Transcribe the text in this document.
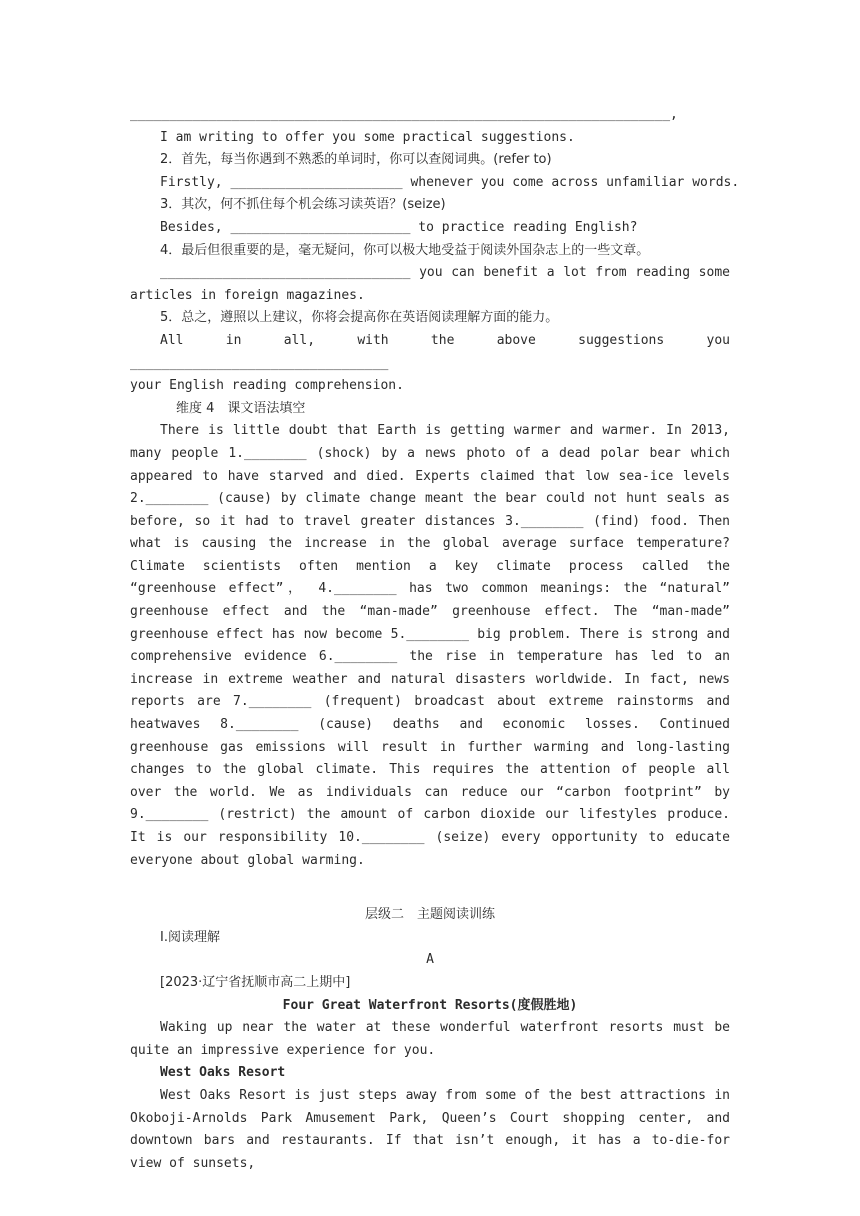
_____________________________________________________________________,

I am writing to offer you some practical suggestions.

2．首先，每当你遇到不熟悉的单词时，你可以查阅词典。(refer to)

Firstly, ______________________ whenever you come across unfamiliar words.

3．其次，何不抓住每个机会练习读英语？(seize)

Besides, _______________________ to practice reading English?

4．最后但很重要的是，毫无疑问，你可以极大地受益于阅读外国杂志上的一些文章。

________________________________ you can benefit a lot from reading some

articles in foreign magazines.

5．总之，遵照以上建议，你将会提高你在英语阅读理解方面的能力。

All in all, with the above suggestions you _________________________________

your English reading comprehension.

维度 4　课文语法填空

There is little doubt that Earth is getting warmer and warmer. In 2013, many people 1.________ (shock) by a news photo of a dead polar bear which appeared to have starved and died. Experts claimed that low sea-ice levels 2.________ (cause) by climate change meant the bear could not hunt seals as before, so it had to travel greater distances 3.________ (find) food. Then what is causing the increase in the global average surface temperature? Climate scientists often mention a key climate process called the “greenhouse effect”， 4.________ has two common meanings: the “natural” greenhouse effect and the “man-made” greenhouse effect. The “man-made” greenhouse effect has now become 5.________ big problem. There is strong and comprehensive evidence 6.________ the rise in temperature has led to an increase in extreme weather and natural disasters worldwide. In fact, news reports are 7.________ (frequent) broadcast about extreme rainstorms and heatwaves 8.________ (cause) deaths and economic losses. Continued greenhouse gas emissions will result in further warming and long-lasting changes to the global climate. This requires the attention of people all over the world. We as individuals can reduce our “carbon footprint” by 9.________ (restrict) the amount of carbon dioxide our lifestyles produce. It is our responsibility 10.________ (seize) every opportunity to educate everyone about global warming.

层级二　主题阅读训练

Ⅰ.阅读理解

A

[2023·辽宁省抚顺市高二上期中]

Four Great Waterfront Resorts(度假胜地)

Waking up near the water at these wonderful waterfront resorts must be quite an impressive experience for you.

West Oaks Resort

West Oaks Resort is just steps away from some of the best attractions in Okoboji-Arnolds Park Amusement Park, Queen’s Court shopping center, and downtown bars and restaurants. If that isn’t enough, it has a to-die-for view of sunsets,
